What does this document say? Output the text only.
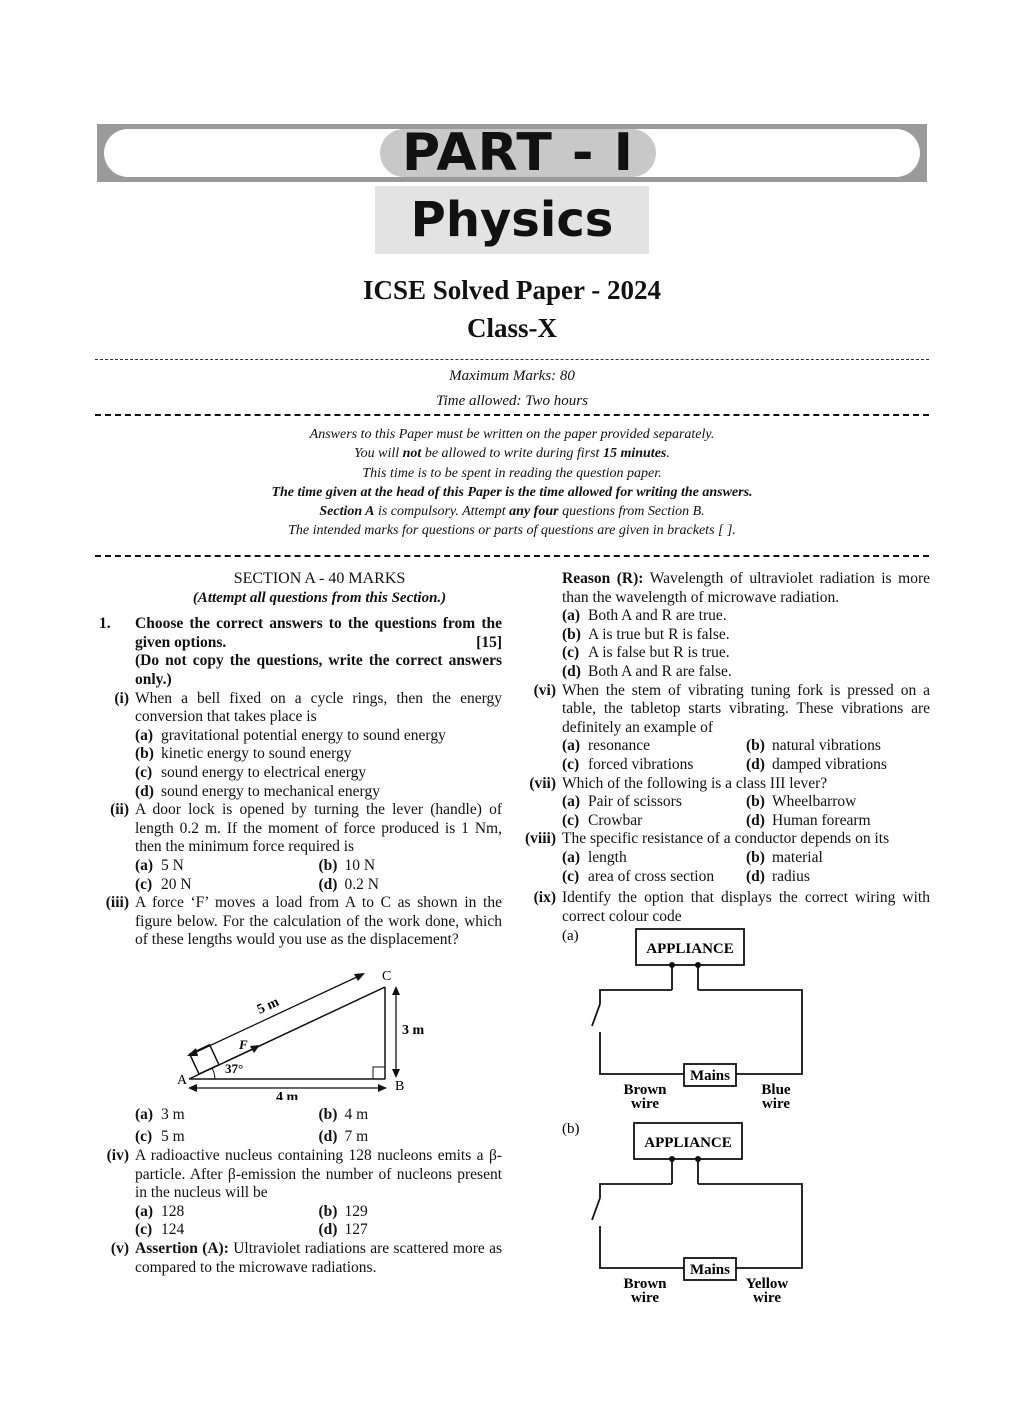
PART - I
Physics
ICSE Solved Paper - 2024
Class-X
Maximum Marks: 80
Time allowed: Two hours
Answers to this Paper must be written on the paper provided separately.
You will not be allowed to write during first 15 minutes.
This time is to be spent in reading the question paper.
The time given at the head of this Paper is the time allowed for writing the answers.
Section A is compulsory. Attempt any four questions from Section B.
The intended marks for questions or parts of questions are given in brackets [ ].
SECTION A - 40 MARKS
(Attempt all questions from this Section.)
1.	Choose the correct answers to the questions from the given options.	[15]

(Do not copy the questions, write the correct answers only.)
(i) When a bell fixed on a cycle rings, then the energy conversion that takes place is
(a) gravitational potential energy to sound energy
(b) kinetic energy to sound energy
(c) sound energy to electrical energy
(d) sound energy to mechanical energy
(ii) A door lock is opened by turning the lever (handle) of length 0.2 m. If the moment of force produced is 1 Nm, then the minimum force required is
(a) 5 N	(b) 10 N
(c) 20 N	(d) 0.2 N
(iii) A force ‘F’ moves a load from A to C as shown in the figure below. For the calculation of the work done, which of these lengths would you use as the displacement?
5 m
3 m
4 m
37°
F
A	B
C
(a) 3 m	(b) 4 m
(c) 5 m	(d) 7 m
(iv) A radioactive nucleus containing 128 nucleons emits a β-particle. After β-emission the number of nucleons present in the nucleus will be
(a) 128	(b) 129
(c) 124	(d) 127
(v) Assertion (A): Ultraviolet radiations are scattered more as compared to the microwave radiations.
Reason (R): Wavelength of ultraviolet radiation is more than the wavelength of microwave radiation.
(a) Both A and R are true.
(b) A is true but R is false.
(c) A is false but R is true.
(d) Both A and R are false.
(vi) When the stem of vibrating tuning fork is pressed on a table, the tabletop starts vibrating. These vibrations are definitely an example of
(a) resonance	(b) natural vibrations
(c) forced vibrations	(d) damped vibrations
(vii) Which of the following is a class III lever?
(a) Pair of scissors	(b) Wheelbarrow
(c) Crowbar	(d) Human forearm
(viii) The specific resistance of a conductor depends on its
(a) length	(b) material
(c) area of cross section (d) radius
(ix) Identify the option that displays the correct wiring with correct colour code
(a)
APPLIANCE
Mains
Brown
wire
Blue
wire
(b)
APPLIANCE
Mains
Brown
wire
Yellow
wire
